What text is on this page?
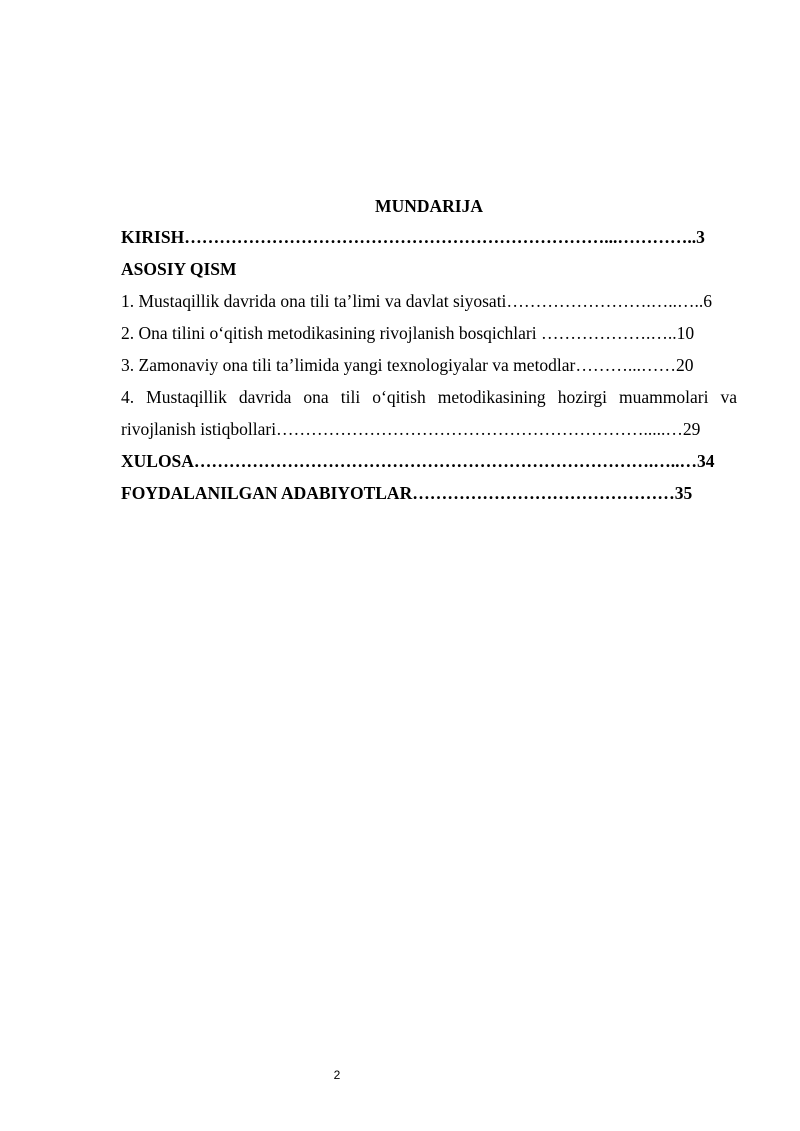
MUNDARIJA
KIRISH………………………………………………………………...…………..3
ASOSIY QISM
1. Mustaqillik davrida ona tili ta’limi va davlat siyosati…………………….…..…..6
2. Ona tilini o‘qitish metodikasining rivojlanish bosqichlari ……………….…..10
3. Zamonaviy ona tili ta’limida yangi texnologiyalar va metodlar………...……20
4. Mustaqillik davrida ona tili o‘qitish metodikasining hozirgi muammolari va
rivojlanish istiqbollari……………………………………………………….....…29
XULOSA…………………………………………………………………….…..…34
FOYDALANILGAN ADABIYOTLAR………………………………………35
2
